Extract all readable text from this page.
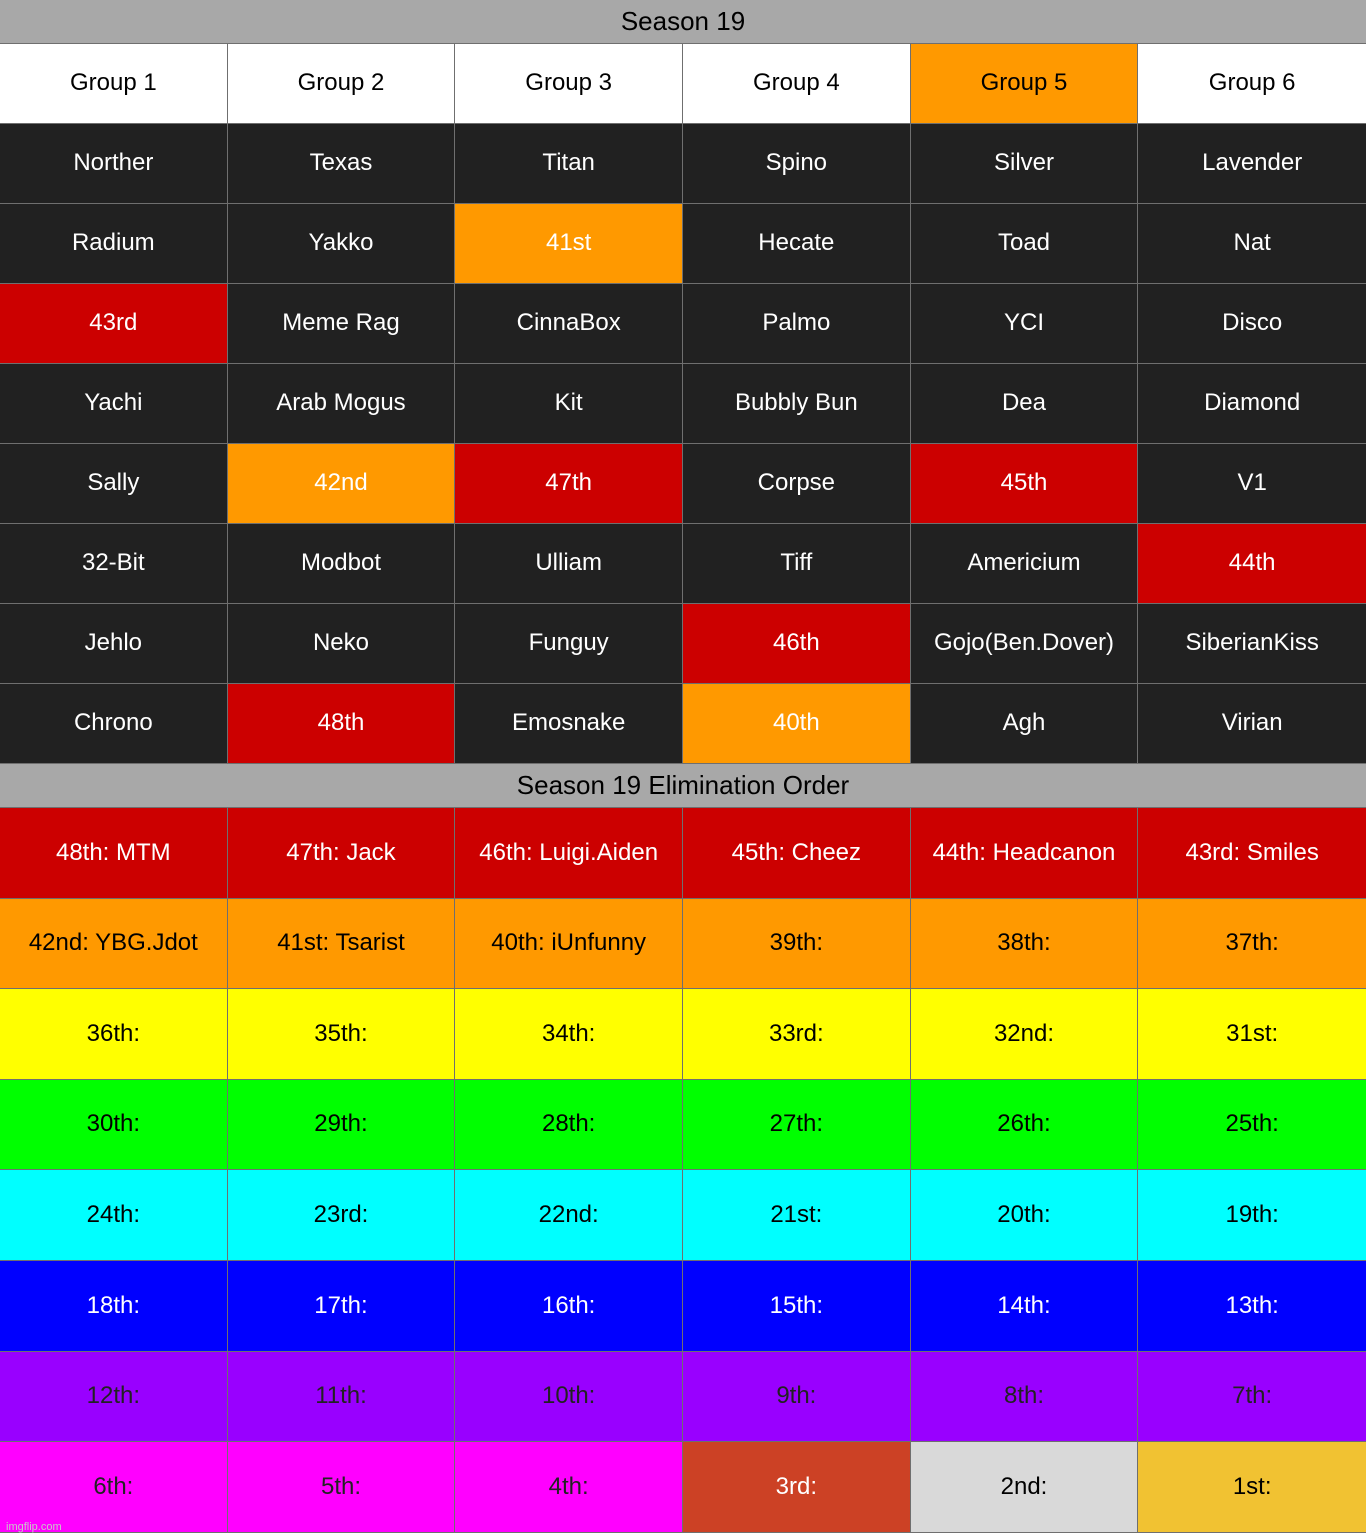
Season 19
Group 1	Group 2	Group 3	Group 4	Group 5	Group 6
Norther	Texas	Titan	Spino	Silver	Lavender
Radium	Yakko	41st	Hecate	Toad	Nat
43rd	Meme Rag	CinnaBox	Palmo	YCI	Disco
Yachi	Arab Mogus	Kit	Bubbly Bun	Dea	Diamond
Sally	42nd	47th	Corpse	45th	V1
32-Bit	Modbot	Ulliam	Tiff	Americium	44th
Jehlo	Neko	Funguy	46th	Gojo(Ben.Dover)	SiberianKiss
Chrono	48th	Emosnake	40th	Agh	Virian
Season 19 Elimination Order
48th: MTM	47th: Jack	46th: Luigi.Aiden	45th: Cheez	44th: Headcanon	43rd: Smiles
42nd: YBG.Jdot	41st: Tsarist	40th: iUnfunny	39th:	38th:	37th:
36th:	35th:	34th:	33rd:	32nd:	31st:
30th:	29th:	28th:	27th:	26th:	25th:
24th:	23rd:	22nd:	21st:	20th:	19th:
18th:	17th:	16th:	15th:	14th:	13th:
12th:	11th:	10th:	9th:	8th:	7th:
6th:	5th:	4th:	3rd:	2nd:	1st:
imgflip.com
